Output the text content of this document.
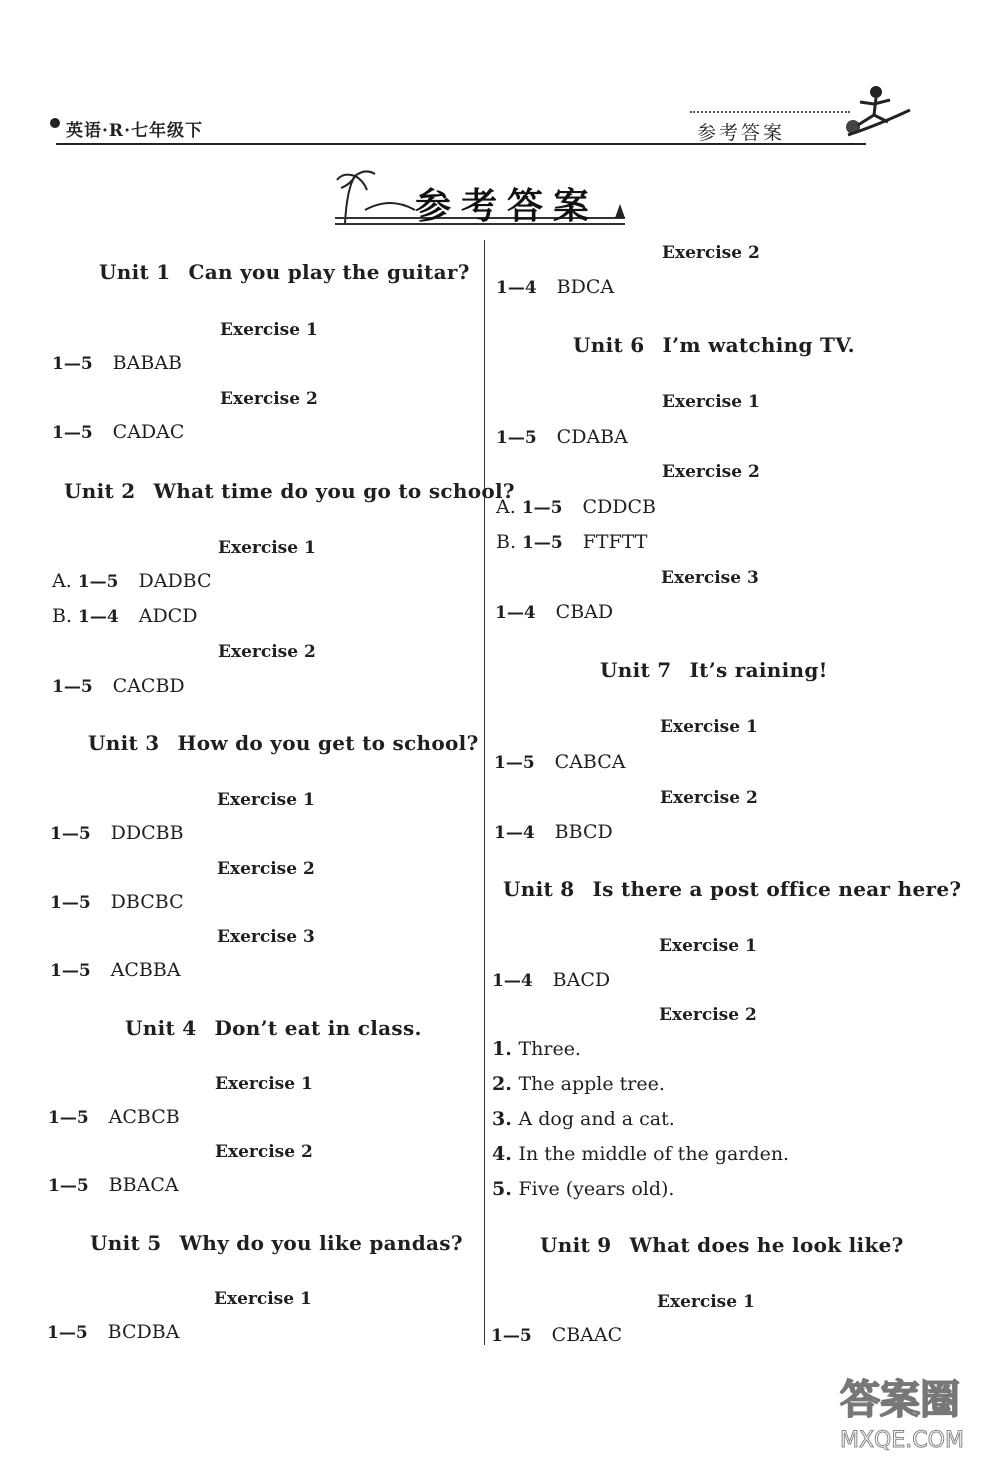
英语·R·七年级下	参考答案
参考答案
Unit 1 Can you play the guitar?
Exercise 1
1—5 BABAB
Exercise 2
1—5 CADAC
Unit 2 What time do you go to school?
Exercise 1
A. 1—5 DADBC
B. 1—4 ADCD
Exercise 2
1—5 CACBD
Unit 3 How do you get to school?
Exercise 1
1—5 DDCBB
Exercise 2
1—5 DBCBC
Exercise 3
1—5 ACBBA
Unit 4 Don’t eat in class.
Exercise 1
1—5 ACBCB
Exercise 2
1—5 BBACA
Unit 5 Why do you like pandas?
Exercise 1
1—5 BCDBA
Exercise 2
1—4 BDCA
Unit 6 I’m watching TV.
Exercise 1
1—5 CDABA
Exercise 2
A. 1—5 CDDCB
B. 1—5 FTFTT
Exercise 3
1—4 CBAD
Unit 7 It’s raining!
Exercise 1
1—5 CABCA
Exercise 2
1—4 BBCD
Unit 8 Is there a post office near here?
Exercise 1
1—4 BACD
Exercise 2
1. Three.
2. The apple tree.
3. A dog and a cat.
4. In the middle of the garden.
5. Five (years old).
Unit 9 What does he look like?
Exercise 1
1—5 CBAAC
答案圈
MXQE.COM
